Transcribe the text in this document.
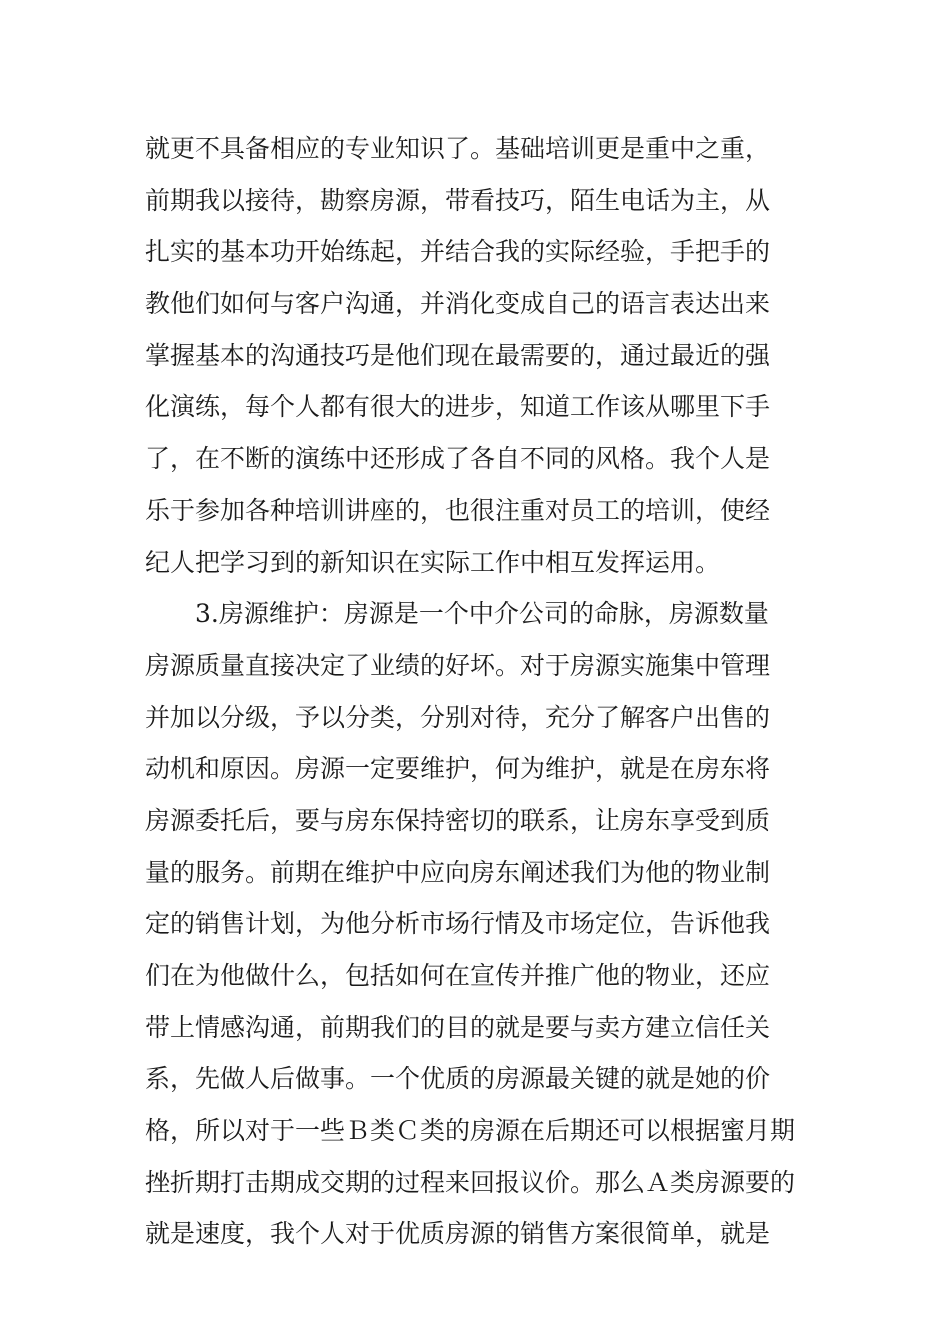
就更不具备相应的专业知识了。基础培训更是重中之重，
前期我以接待，勘察房源，带看技巧，陌生电话为主，从
扎实的基本功开始练起，并结合我的实际经验，手把手的
教他们如何与客户沟通，并消化变成自己的语言表达出来
掌握基本的沟通技巧是他们现在最需要的，通过最近的强
化演练，每个人都有很大的进步，知道工作该从哪里下手
了，在不断的演练中还形成了各自不同的风格。我个人是
乐于参加各种培训讲座的，也很注重对员工的培训，使经
纪人把学习到的新知识在实际工作中相互发挥运用。
3.房源维护：房源是一个中介公司的命脉，房源数量
房源质量直接决定了业绩的好坏。对于房源实施集中管理
并加以分级，予以分类，分别对待，充分了解客户出售的
动机和原因。房源一定要维护，何为维护，就是在房东将
房源委托后，要与房东保持密切的联系，让房东享受到质
量的服务。前期在维护中应向房东阐述我们为他的物业制
定的销售计划，为他分析市场行情及市场定位，告诉他我
们在为他做什么，包括如何在宣传并推广他的物业，还应
带上情感沟通，前期我们的目的就是要与卖方建立信任关
系，先做人后做事。一个优质的房源最关键的就是她的价
格，所以对于一些Ｂ类Ｃ类的房源在后期还可以根据蜜月期
挫折期打击期成交期的过程来回报议价。那么Ａ类房源要的
就是速度，我个人对于优质房源的销售方案很简单，就是
